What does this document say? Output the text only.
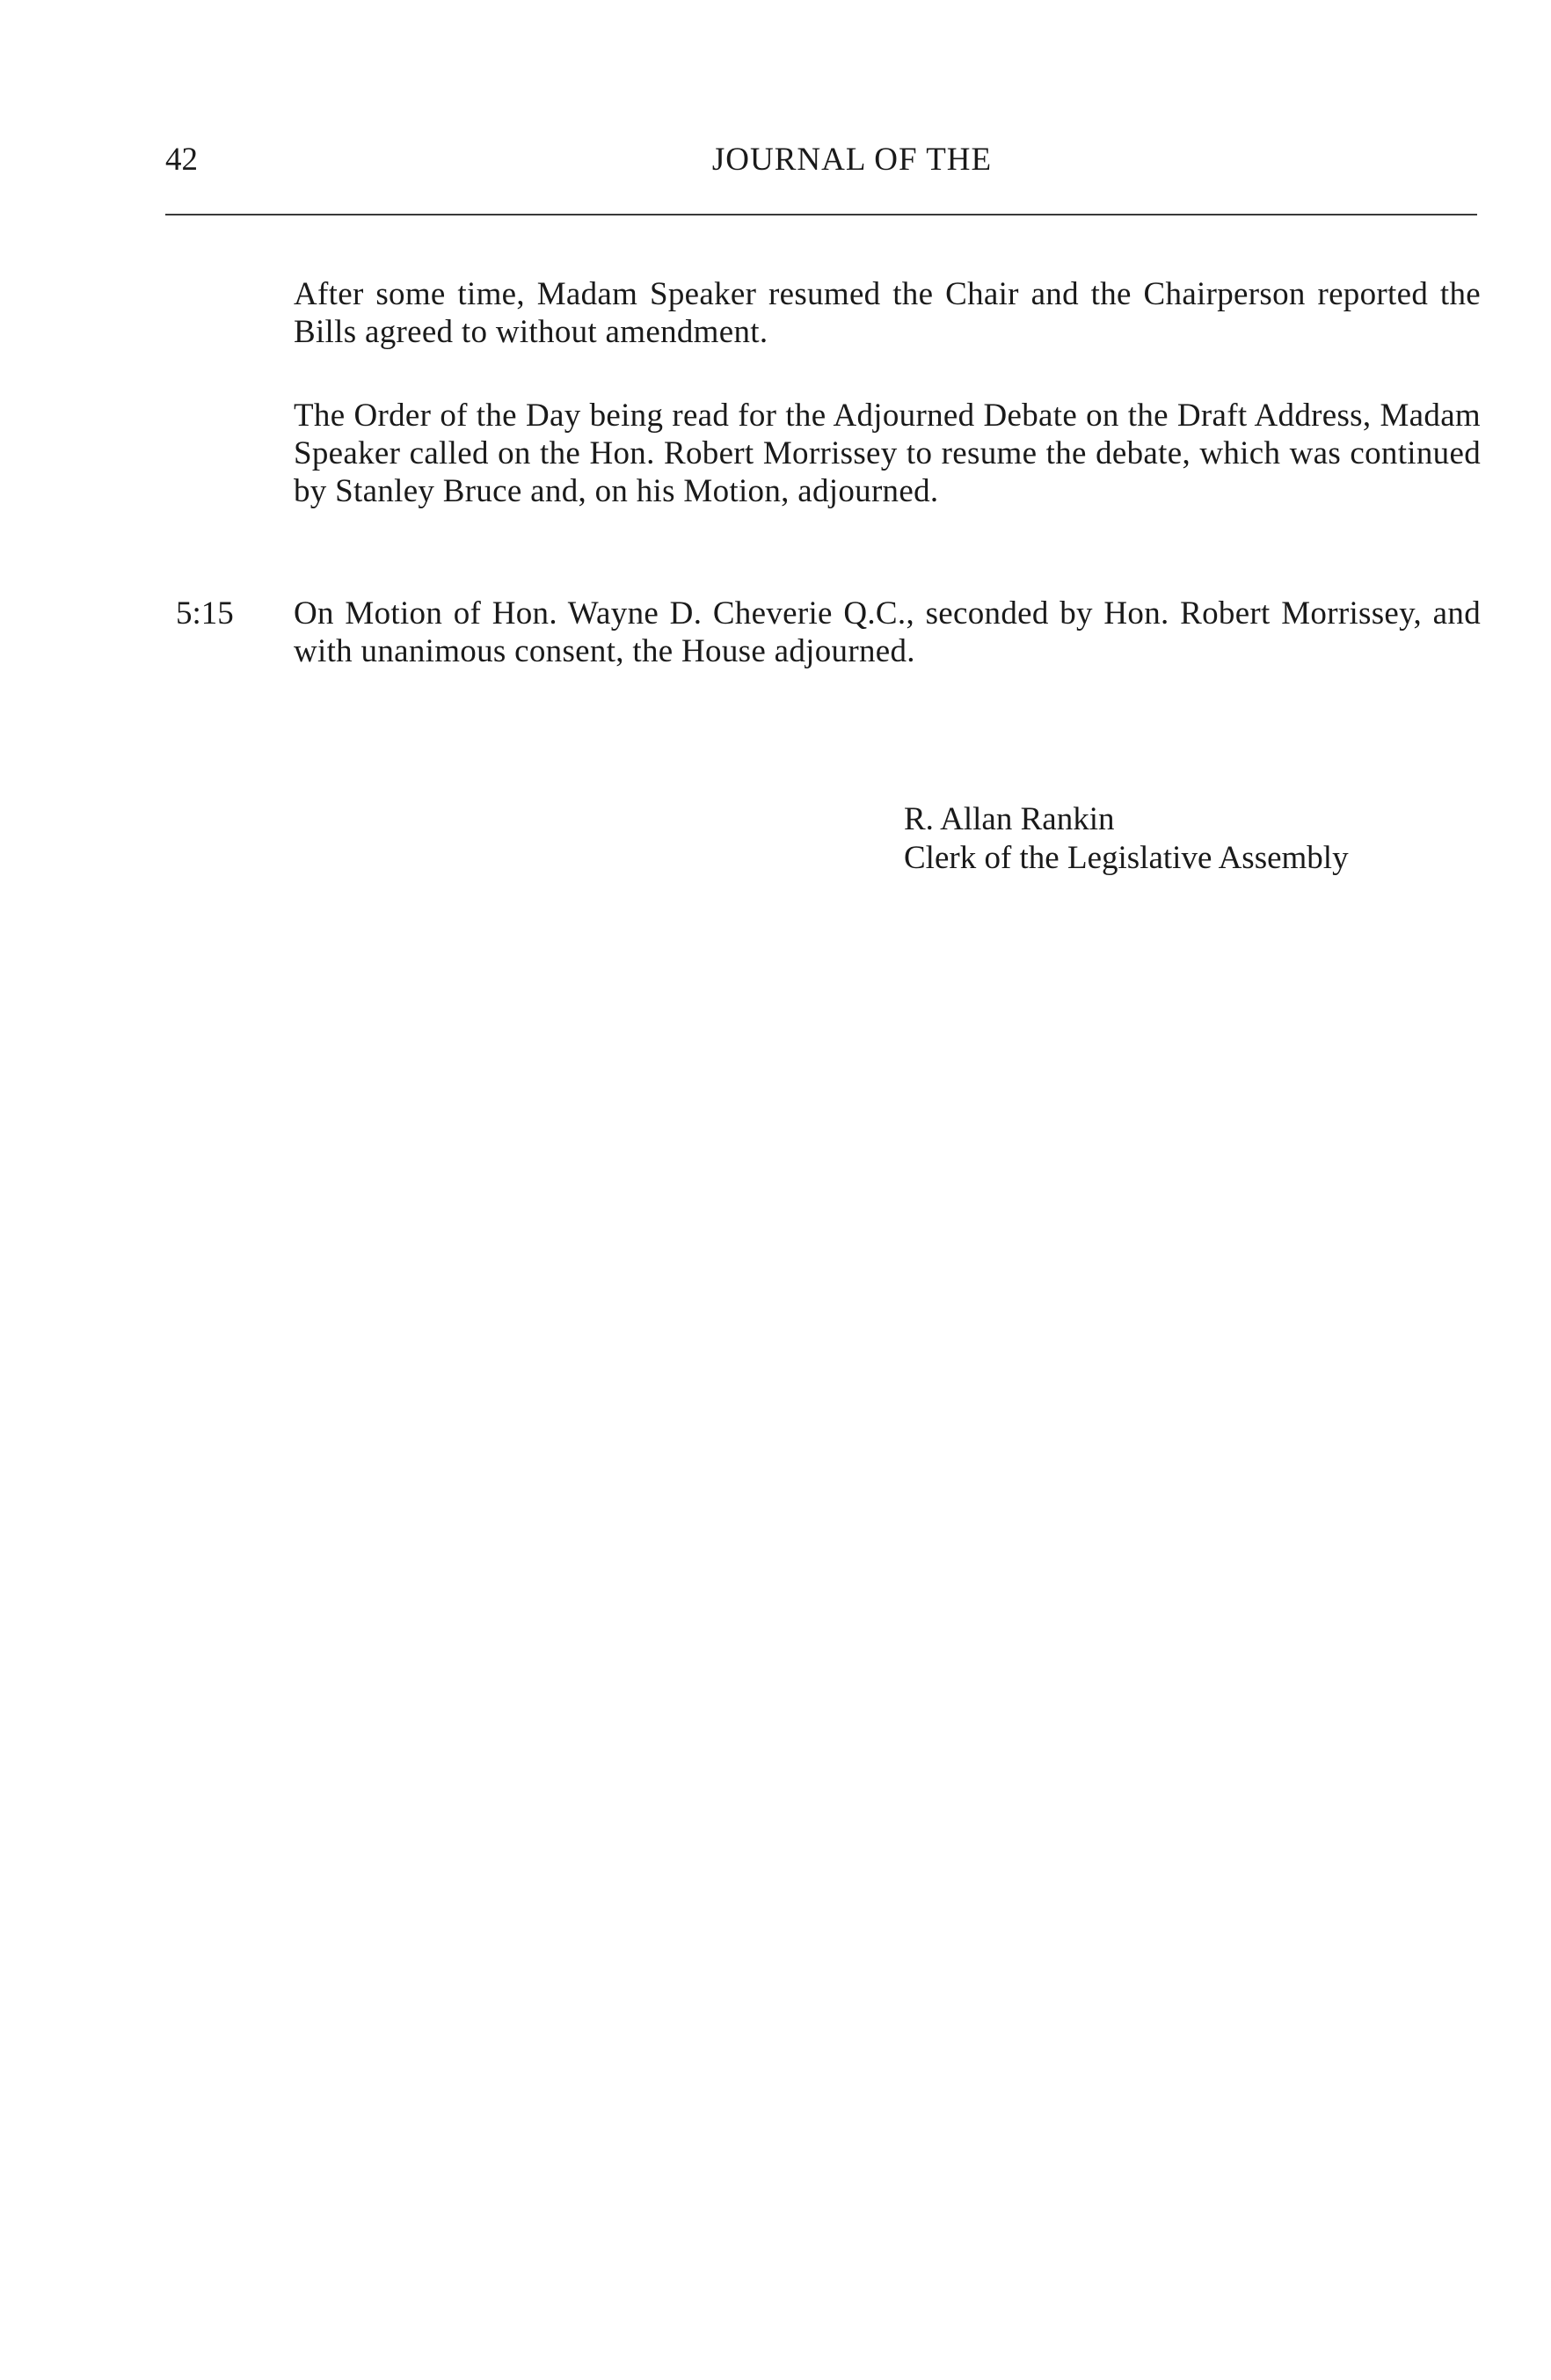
42	JOURNAL OF THE

After some time, Madam Speaker resumed the Chair and the Chairperson reported the Bills agreed to without amendment.

The Order of the Day being read for the Adjourned Debate on the Draft Address, Madam Speaker called on the Hon. Robert Morrissey to resume the debate, which was continued by Stanley Bruce and, on his Motion, adjourned.

5:15 On Motion of Hon. Wayne D. Cheverie Q.C., seconded by Hon. Robert Morrissey, and with unanimous consent, the House adjourned.

R. Allan Rankin
Clerk of the Legislative Assembly
